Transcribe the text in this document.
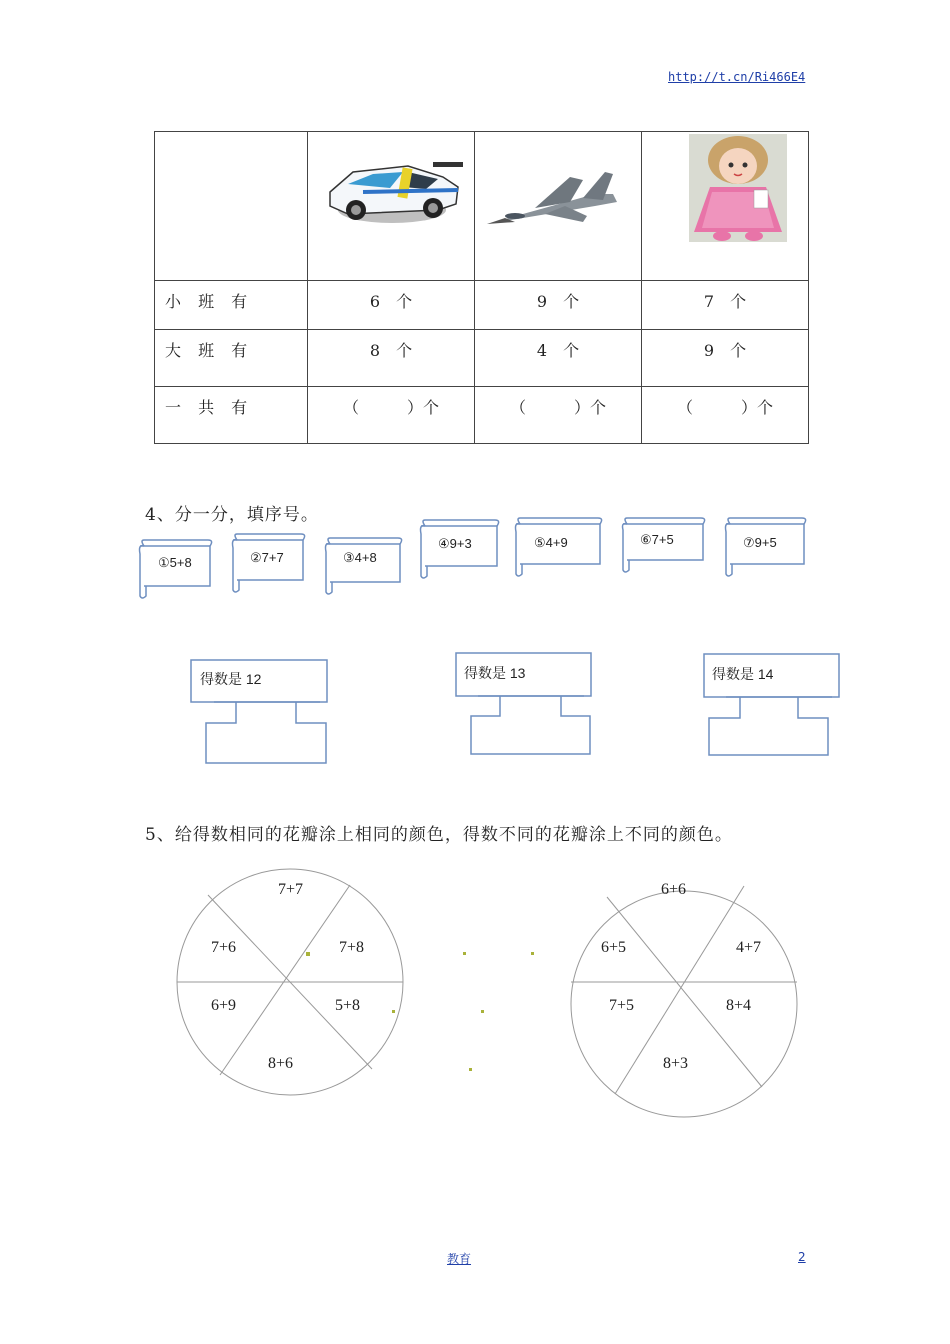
http://t.cn/Ri466E4

小 班 有	6　个	9　个	7　个
大 班 有	8　个	4　个	9　个
一 共 有	（　　　）个	（　　　）个	（　　　）个
4、分一分，填序号。
①5+8	②7+7	③4+8
④9+3	⑤4+9	⑥7+5	⑦9+5
得数是 12	得数是 13	得数是 14
5、给得数相同的花瓣涂上相同的颜色，得数不同的花瓣涂上不同的颜色。
7+7
7+6	7+8
6+9	5+8
8+6
6+6
6+5	4+7
7+5	8+4
8+3
教育	2
